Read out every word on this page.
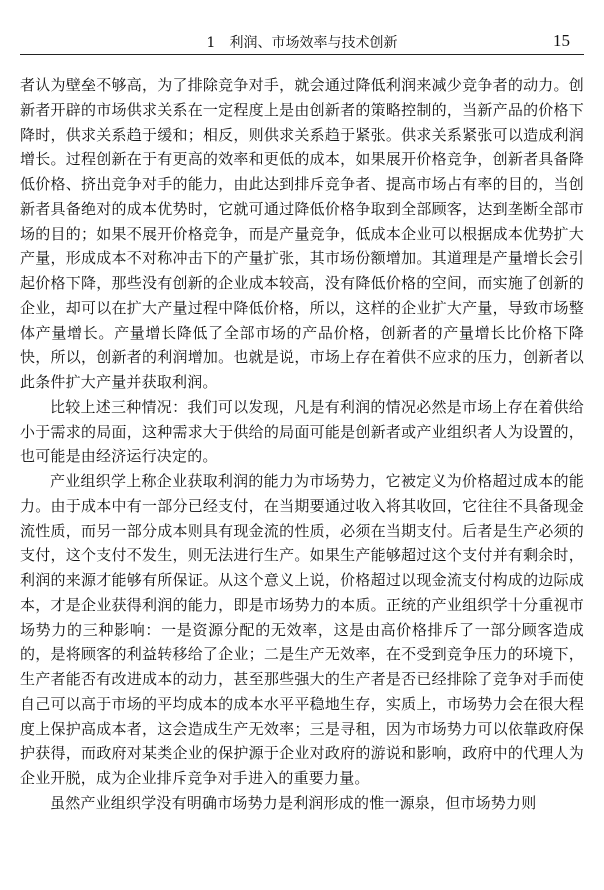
1　利润、市场效率与技术创新	15

者认为壁垒不够高，为了排除竞争对手，就会通过降低利润来减少竞争者的动力。创新者开辟的市场供求关系在一定程度上是由创新者的策略控制的，当新产品的价格下降时，供求关系趋于缓和；相反，则供求关系趋于紧张。供求关系紧张可以造成利润增长。过程创新在于有更高的效率和更低的成本，如果展开价格竞争，创新者具备降低价格、挤出竞争对手的能力，由此达到排斥竞争者、提高市场占有率的目的，当创新者具备绝对的成本优势时，它就可通过降低价格争取到全部顾客，达到垄断全部市场的目的；如果不展开价格竞争，而是产量竞争，低成本企业可以根据成本优势扩大产量，形成成本不对称冲击下的产量扩张，其市场份额增加。其道理是产量增长会引起价格下降，那些没有创新的企业成本较高，没有降低价格的空间，而实施了创新的企业，却可以在扩大产量过程中降低价格，所以，这样的企业扩大产量，导致市场整体产量增长。产量增长降低了全部市场的产品价格，创新者的产量增长比价格下降快，所以，创新者的利润增加。也就是说，市场上存在着供不应求的压力，创新者以此条件扩大产量并获取利润。

比较上述三种情况：我们可以发现，凡是有利润的情况必然是市场上存在着供给小于需求的局面，这种需求大于供给的局面可能是创新者或产业组织者人为设置的，也可能是由经济运行决定的。

产业组织学上称企业获取利润的能力为市场势力，它被定义为价格超过成本的能力。由于成本中有一部分已经支付，在当期要通过收入将其收回，它往往不具备现金流性质，而另一部分成本则具有现金流的性质，必须在当期支付。后者是生产必须的支付，这个支付不发生，则无法进行生产。如果生产能够超过这个支付并有剩余时，利润的来源才能够有所保证。从这个意义上说，价格超过以现金流支付构成的边际成本，才是企业获得利润的能力，即是市场势力的本质。正统的产业组织学十分重视市场势力的三种影响：一是资源分配的无效率，这是由高价格排斥了一部分顾客造成的，是将顾客的利益转移给了企业；二是生产无效率，在不受到竞争压力的环境下，生产者能否有改进成本的动力，甚至那些强大的生产者是否已经排除了竞争对手而使自己可以高于市场的平均成本的成本水平平稳地生存，实质上，市场势力会在很大程度上保护高成本者，这会造成生产无效率；三是寻租，因为市场势力可以依靠政府保护获得，而政府对某类企业的保护源于企业对政府的游说和影响，政府中的代理人为企业开脱，成为企业排斥竞争对手进入的重要力量。

虽然产业组织学没有明确市场势力是利润形成的惟一源泉，但市场势力则
